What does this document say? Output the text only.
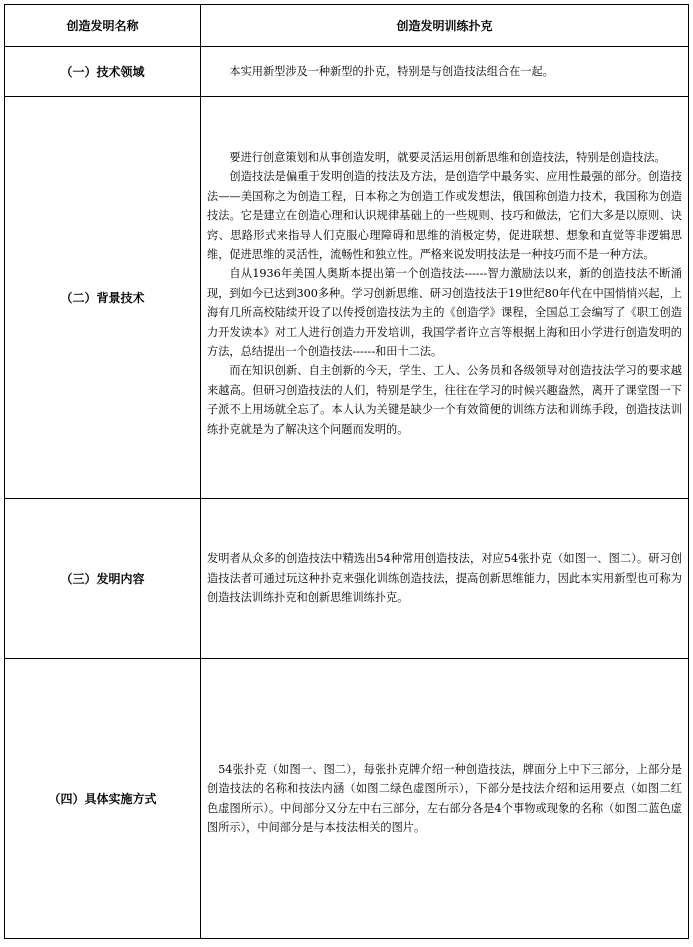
创造发明名称	创造发明训练扑克
（一）技术领域	本实用新型涉及一种新型的扑克，特别是与创造技法组合在一起。

（二）背景技术	要进行创意策划和从事创造发明，就要灵活运用创新思维和创造技法，特别是创造技法。

创造技法是偏重于发明创造的技法及方法，是创造学中最务实、应用性最强的部分。创造技法——美国称之为创造工程，日本称之为创造工作或发想法，俄国称创造力技术，我国称为创造技法。它是建立在创造心理和认识规律基础上的一些规则、技巧和做法，它们大多是以原则、诀窍、思路形式来指导人们克服心理障碍和思维的消极定势，促进联想、想象和直觉等非逻辑思维，促进思维的灵活性，流畅性和独立性。严格来说发明技法是一种技巧而不是一种方法。

自从1936年美国人奥斯本提出第一个创造技法------智力激励法以来，新的创造技法不断涌现，到如今已达到300多种。学习创新思维、研习创造技法于19世纪80年代在中国悄悄兴起，上海有几所高校陆续开设了以传授创造技法为主的《创造学》课程，全国总工会编写了《职工创造力开发读本》对工人进行创造力开发培训，我国学者许立言等根据上海和田小学进行创造发明的方法，总结提出一个创造技法------和田十二法。

而在知识创新、自主创新的今天，学生、工人、公务员和各级领导对创造技法学习的要求越来越高。但研习创造技法的人们，特别是学生，往往在学习的时候兴趣盎然，离开了课堂图一下子派不上用场就全忘了。本人认为关键是缺少一个有效简便的训练方法和训练手段，创造技法训练扑克就是为了解决这个问题而发明的。

（三）发明内容	发明者从众多的创造技法中精选出54种常用创造技法，对应54张扑克（如图一、图二）。研习创造技法者可通过玩这种扑克来强化训练创造技法，提高创新思维能力，因此本实用新型也可称为创造技法训练扑克和创新思维训练扑克。

（四）具体实施方式	54张扑克（如图一、图二），每张扑克牌介绍一种创造技法，牌面分上中下三部分，上部分是创造技法的名称和技法内涵（如图二绿色虚图所示），下部分是技法介绍和运用要点（如图二红色虚图所示）。中间部分又分左中右三部分，左右部分各是4个事物或现象的名称（如图二蓝色虚图所示），中间部分是与本技法相关的图片。
